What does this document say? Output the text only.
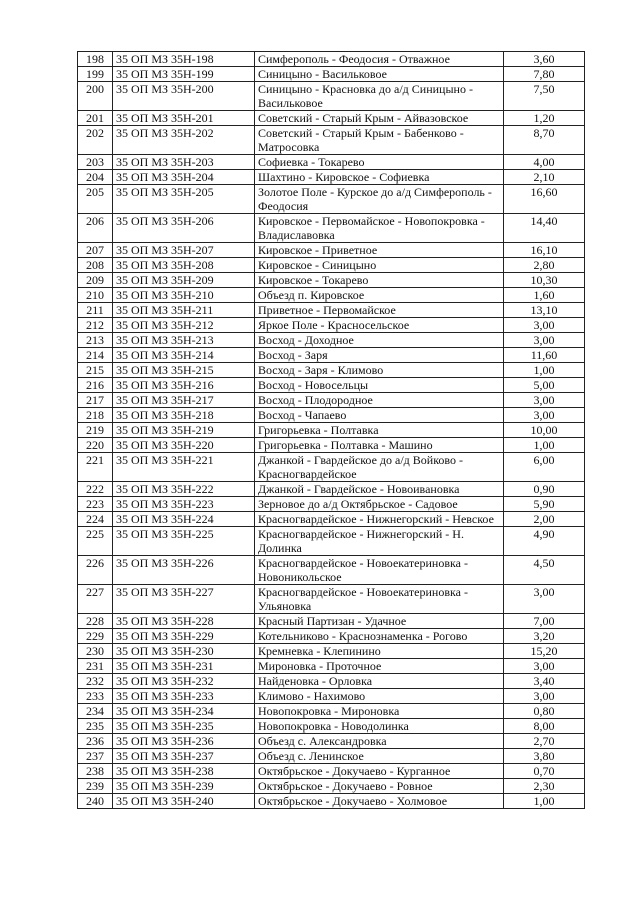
198	35 ОП МЗ 35Н-198	Симферополь - Феодосия - Отважное	3,60
199	35 ОП МЗ 35Н-199	Синицыно - Васильковое	7,80
200	35 ОП МЗ 35Н-200	Синицыно - Красновка до а/д Синицыно - Васильковое	7,50
201	35 ОП МЗ 35Н-201	Советский - Старый Крым - Айвазовское	1,20
202	35 ОП МЗ 35Н-202	Советский - Старый Крым - Бабенково - Матросовка	8,70
203	35 ОП МЗ 35Н-203	Софиевка - Токарево	4,00
204	35 ОП МЗ 35Н-204	Шахтино - Кировское - Софиевка	2,10
205	35 ОП МЗ 35Н-205	Золотое Поле - Курское до а/д Симферополь - Феодосия	16,60
206	35 ОП МЗ 35Н-206	Кировское - Первомайское - Новопокровка - Владиславовка	14,40
207	35 ОП МЗ 35Н-207	Кировское - Приветное	16,10
208	35 ОП МЗ 35Н-208	Кировское - Синицыно	2,80
209	35 ОП МЗ 35Н-209	Кировское - Токарево	10,30
210	35 ОП МЗ 35Н-210	Объезд п. Кировское	1,60
211	35 ОП МЗ 35Н-211	Приветное - Первомайское	13,10
212	35 ОП МЗ 35Н-212	Яркое Поле - Красносельское	3,00
213	35 ОП МЗ 35Н-213	Восход - Доходное	3,00
214	35 ОП МЗ 35Н-214	Восход - Заря	11,60
215	35 ОП МЗ 35Н-215	Восход - Заря - Климово	1,00
216	35 ОП МЗ 35Н-216	Восход - Новосельцы	5,00
217	35 ОП МЗ 35Н-217	Восход - Плодородное	3,00
218	35 ОП МЗ 35Н-218	Восход - Чапаево	3,00
219	35 ОП МЗ 35Н-219	Григорьевка - Полтавка	10,00
220	35 ОП МЗ 35Н-220	Григорьевка - Полтавка - Машино	1,00
221	35 ОП МЗ 35Н-221	Джанкой - Гвардейское до а/д Войково - Красногвардейское	6,00
222	35 ОП МЗ 35Н-222	Джанкой - Гвардейское - Новоивановка	0,90
223	35 ОП МЗ 35Н-223	Зерновое до а/д Октябрьское - Садовое	5,90
224	35 ОП МЗ 35Н-224	Красногвардейское - Нижнегорский - Невское	2,00
225	35 ОП МЗ 35Н-225	Красногвардейское - Нижнегорский - Н. Долинка	4,90
226	35 ОП МЗ 35Н-226	Красногвардейское - Новоекатериновка - Новоникольское	4,50
227	35 ОП МЗ 35Н-227	Красногвардейское - Новоекатериновка - Ульяновка	3,00
228	35 ОП МЗ 35Н-228	Красный Партизан - Удачное	7,00
229	35 ОП МЗ 35Н-229	Котельниково - Краснознаменка - Рогово	3,20
230	35 ОП МЗ 35Н-230	Кремневка - Клепинино	15,20
231	35 ОП МЗ 35Н-231	Мироновка - Проточное	3,00
232	35 ОП МЗ 35Н-232	Найденовка - Орловка	3,40
233	35 ОП МЗ 35Н-233	Климово - Нахимово	3,00
234	35 ОП МЗ 35Н-234	Новопокровка - Мироновка	0,80
235	35 ОП МЗ 35Н-235	Новопокровка - Новодолинка	8,00
236	35 ОП МЗ 35Н-236	Объезд с. Александровка	2,70
237	35 ОП МЗ 35Н-237	Объезд с. Ленинское	3,80
238	35 ОП МЗ 35Н-238	Октябрьское - Докучаево - Курганное	0,70
239	35 ОП МЗ 35Н-239	Октябрьское - Докучаево - Ровное	2,30
240	35 ОП МЗ 35Н-240	Октябрьское - Докучаево - Холмовое	1,00
